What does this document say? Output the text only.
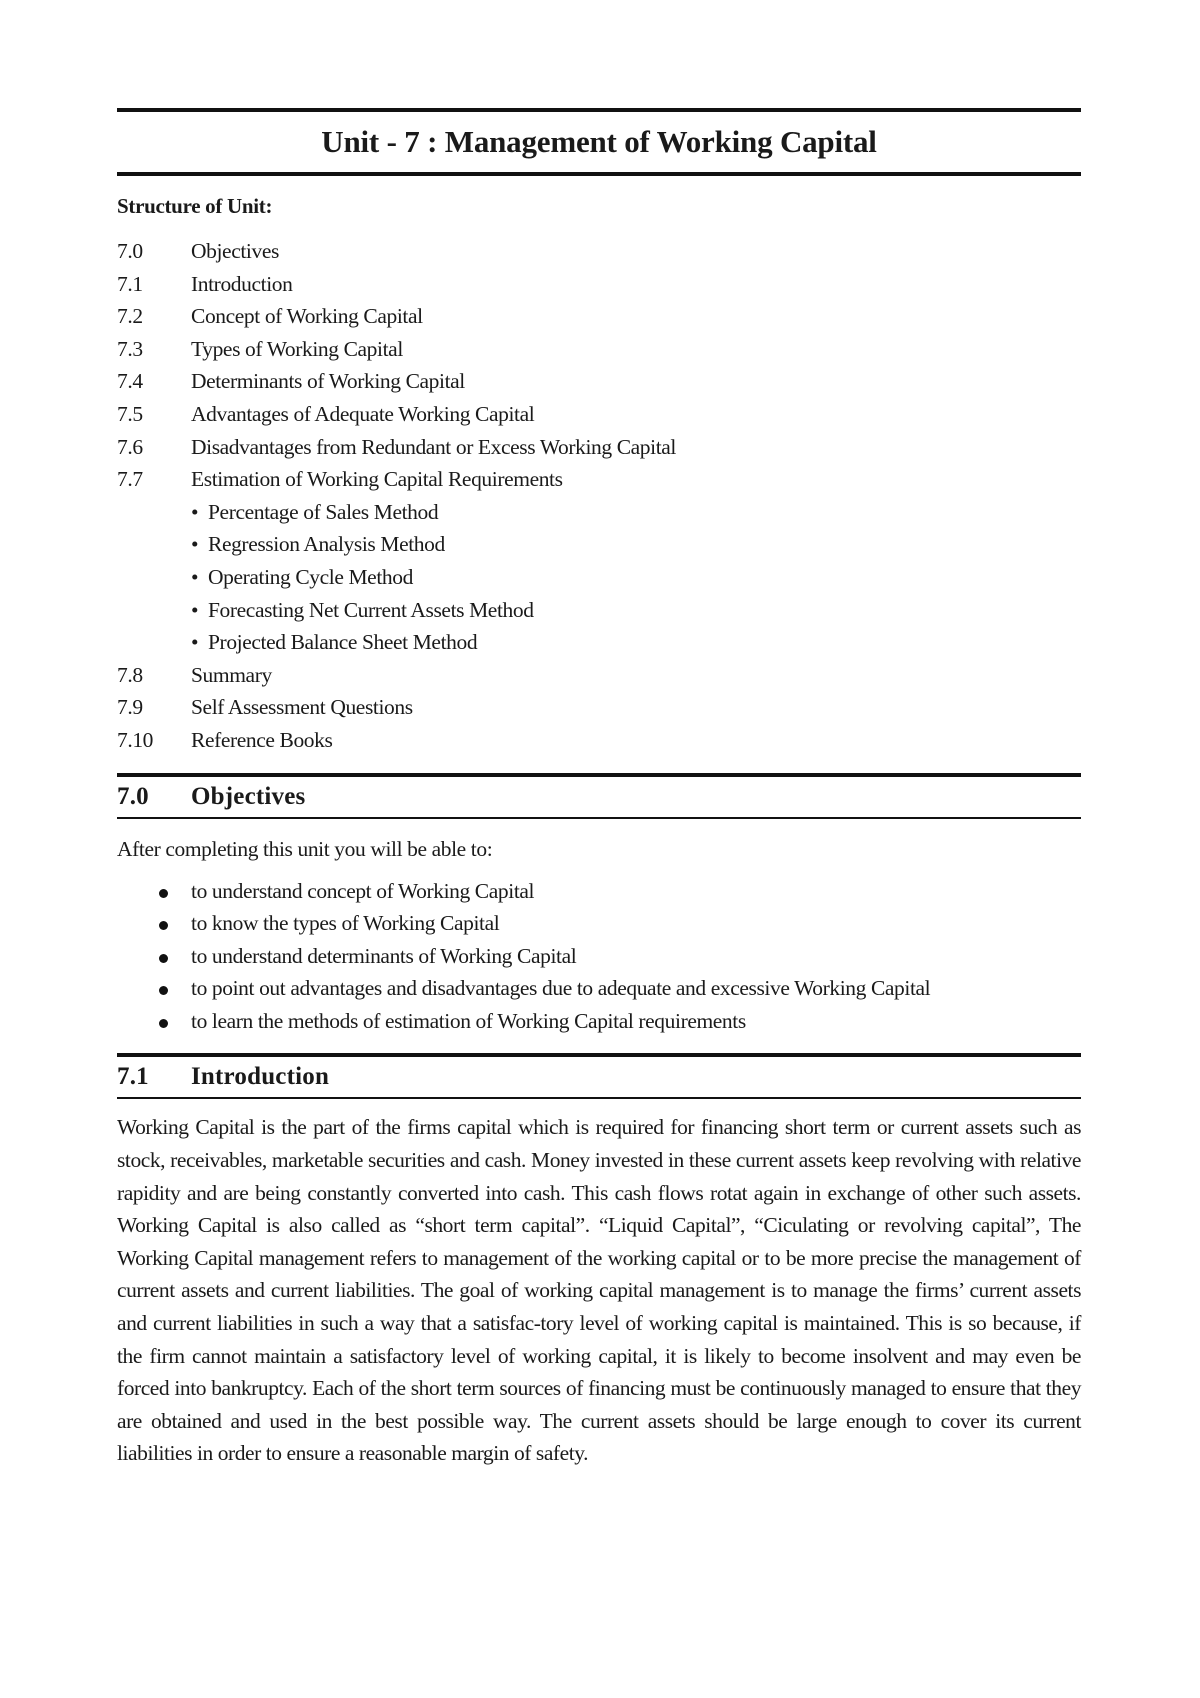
Unit - 7 : Management of Working Capital
Structure of Unit:
7.0	Objectives
7.1	Introduction
7.2	Concept of Working Capital
7.3	Types of Working Capital
7.4	Determinants of Working Capital
7.5	Advantages of Adequate Working Capital
7.6	Disadvantages from Redundant or Excess Working Capital
7.7	Estimation of Working Capital Requirements
• Percentage of Sales Method
• Regression Analysis Method
• Operating Cycle Method
• Forecasting Net Current Assets Method
• Projected Balance Sheet Method
7.8	Summary
7.9	Self Assessment Questions
7.10	Reference Books
7.0	Objectives
After completing this unit you will be able to:
to understand concept of Working Capital
to know the types of Working Capital
to understand determinants of Working Capital
to point out advantages and disadvantages due to adequate and excessive Working Capital
to learn the methods of estimation of Working Capital requirements
7.1	Introduction
Working Capital is the part of the firms capital which is required for financing short term or current assets such as stock, receivables, marketable securities and cash. Money invested in these current assets keep revolving with relative rapidity and are being constantly converted into cash. This cash flows rotat again in exchange of other such assets. Working Capital is also called as “short term capital”. “Liquid Capital”, “Ciculating or revolving capital”, The Working Capital management refers to management of the working capital or to be more precise the management of current assets and current liabilities. The goal of working capital management is to manage the firms’ current assets and current liabilities in such a way that a satisfac-tory level of working capital is maintained. This is so because, if the firm cannot maintain a satisfactory level of working capital, it is likely to become insolvent and may even be forced into bankruptcy. Each of the short term sources of financing must be continuously managed to ensure that they are obtained and used in the best possible way. The current assets should be large enough to cover its current liabilities in order to ensure a reasonable margin of safety.
